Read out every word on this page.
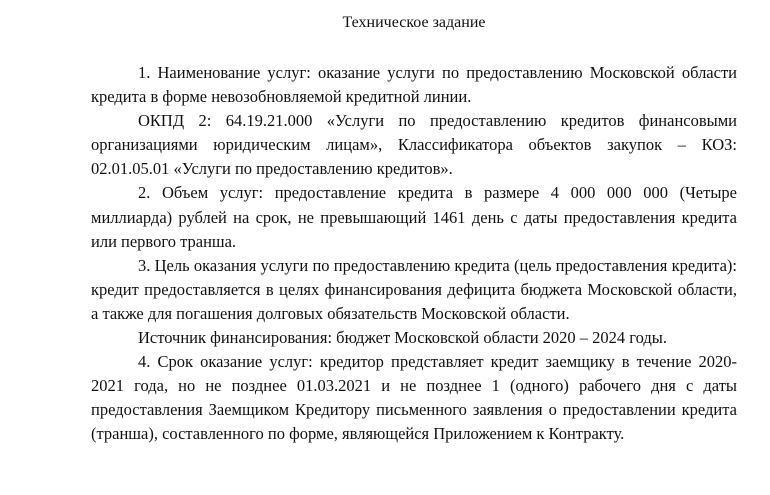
Техническое задание

1. Наименование услуг: оказание услуги по предоставлению Московской области кредита в форме невозобновляемой кредитной линии.

ОКПД 2: 64.19.21.000 «Услуги по предоставлению кредитов финансовыми организациями юридическим лицам», Классификатора объектов закупок – КОЗ: 02.01.05.01 «Услуги по предоставлению кредитов».

2. Объем услуг: предоставление кредита в размере 4 000 000 000 (Четыре миллиарда) рублей на срок, не превышающий 1461 день с даты предоставления кредита или первого транша.

3. Цель оказания услуги по предоставлению кредита (цель предоставления кредита): кредит предоставляется в целях финансирования дефицита бюджета Московской области, а также для погашения долговых обязательств Московской области.

Источник финансирования: бюджет Московской области 2020 – 2024 годы.

4. Срок оказание услуг: кредитор представляет кредит заемщику в течение 2020-2021 года, но не позднее 01.03.2021 и не позднее 1 (одного) рабочего дня с даты предоставления Заемщиком Кредитору письменного заявления о предоставлении кредита (транша), составленного по форме, являющейся Приложением к Контракту.
